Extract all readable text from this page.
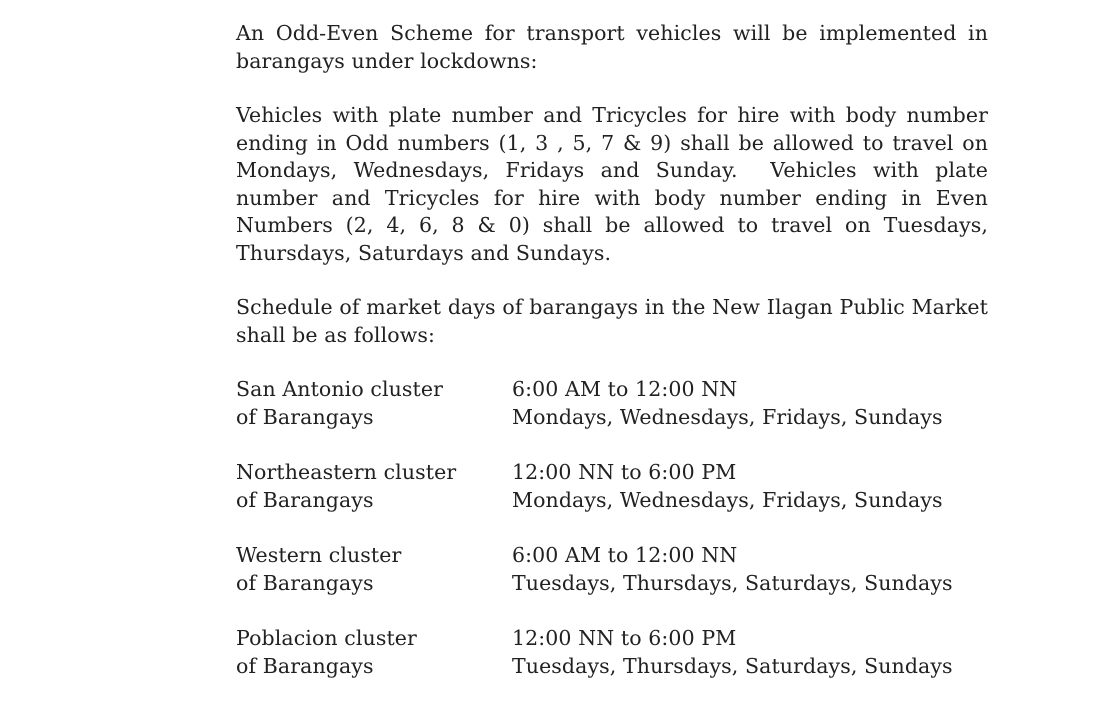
An Odd-Even Scheme for transport vehicles will be implemented in barangays under lockdowns:

Vehicles with plate number and Tricycles for hire with body number ending in Odd numbers (1, 3 , 5, 7 & 9) shall be allowed to travel on Mondays, Wednesdays, Fridays and Sunday.  Vehicles with plate number and Tricycles for hire with body number ending in Even Numbers (2, 4, 6, 8 & 0) shall be allowed to travel on Tuesdays, Thursdays, Saturdays and Sundays.

Schedule of market days of barangays in the New Ilagan Public Market shall be as follows:

San Antonio cluster
of Barangays
6:00 AM to 12:00 NN
Mondays, Wednesdays, Fridays, Sundays
Northeastern cluster
of Barangays
12:00 NN to 6:00 PM
Mondays, Wednesdays, Fridays, Sundays
Western cluster
of Barangays
6:00 AM to 12:00 NN
Tuesdays, Thursdays, Saturdays, Sundays
Poblacion cluster
of Barangays
12:00 NN to 6:00 PM
Tuesdays, Thursdays, Saturdays, Sundays
